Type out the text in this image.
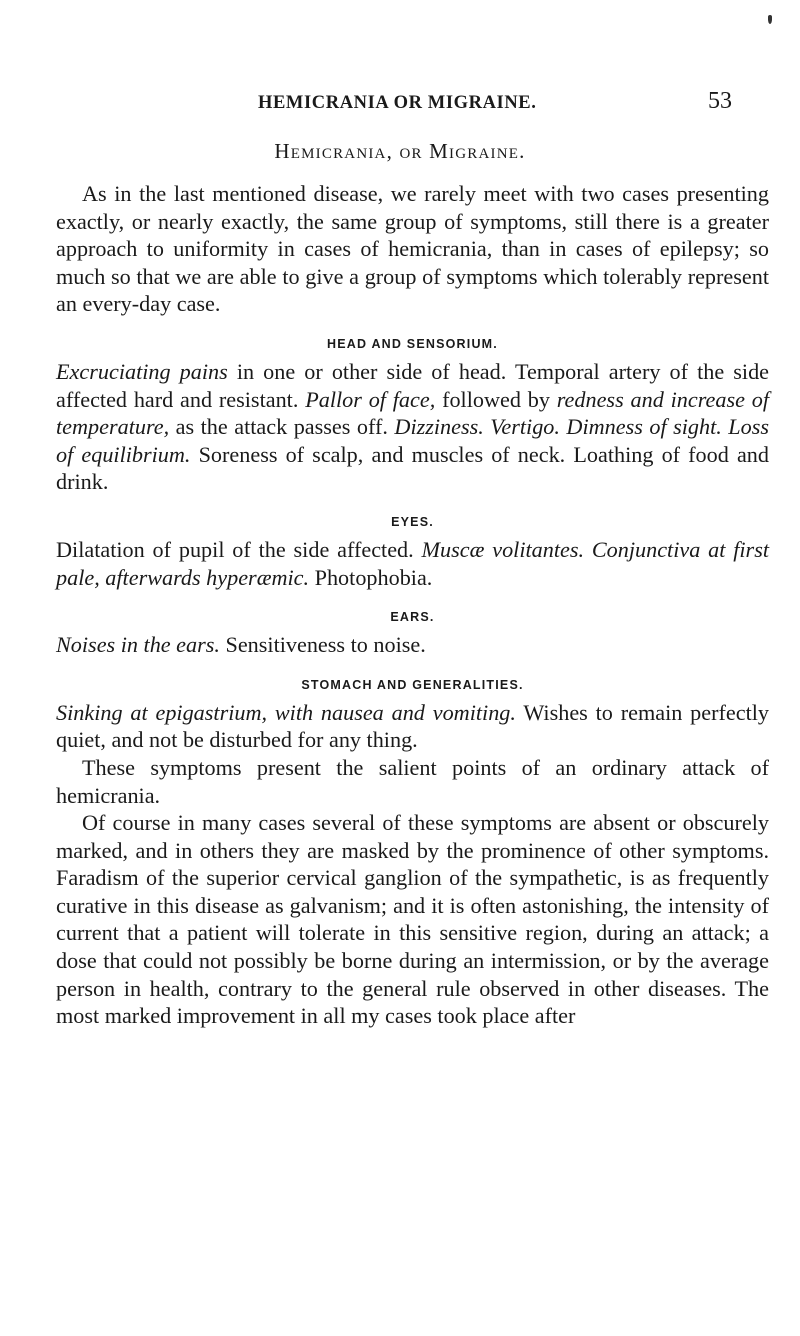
HEMICRANIA OR MIGRAINE.	53
Hemicrania, or Migraine.

As in the last mentioned disease, we rarely meet with two cases presenting exactly, or nearly exactly, the same group of symptoms, still there is a greater approach to uniformity in cases of hemicrania, than in cases of epilepsy; so much so that we are able to give a group of symptoms which tolerably represent an every-day case.

HEAD AND SENSORIUM.

Excruciating pains in one or other side of head. Temporal artery of the side affected hard and resistant. Pallor of face, followed by redness and increase of temperature, as the attack passes off. Dizziness. Vertigo. Dimness of sight. Loss of equilibrium. Soreness of scalp, and muscles of neck. Loathing of food and drink.

EYES.

Dilatation of pupil of the side affected. Muscæ volitantes. Conjunctiva at first pale, afterwards hyperæmic. Photophobia.

EARS.

Noises in the ears. Sensitiveness to noise.

STOMACH AND GENERALITIES.

Sinking at epigastrium, with nausea and vomiting. Wishes to remain perfectly quiet, and not be disturbed for any thing.

These symptoms present the salient points of an ordinary attack of hemicrania.

Of course in many cases several of these symptoms are absent or obscurely marked, and in others they are masked by the prominence of other symptoms. Faradism of the superior cervical ganglion of the sympathetic, is as frequently curative in this disease as galvanism; and it is often astonishing, the intensity of current that a patient will tolerate in this sensitive region, during an attack; a dose that could not possibly be borne during an intermission, or by the average person in health, contrary to the general rule observed in other diseases. The most marked improvement in all my cases took place after
